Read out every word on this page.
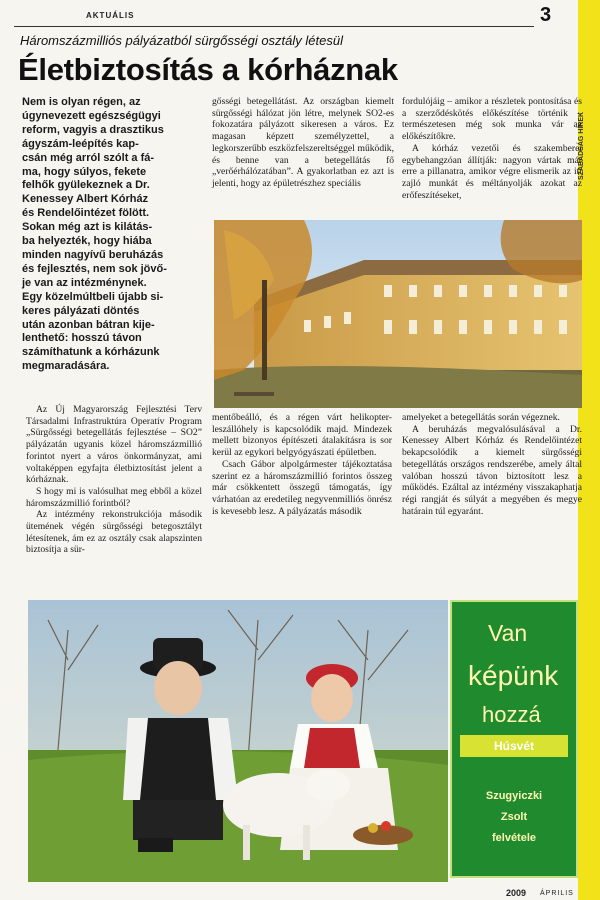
AKTUÁLIS	3
SZABADSÁG HÍREK
Háromszázmilliós pályázatból sürgősségi osztály létesül
Életbiztosítás a kórháznak
Nem is olyan régen, az
úgynevezett egészségügyi
reform, vagyis a drasztikus
ágyszám-leépítés kap-
csán még arról szólt a fá-
ma, hogy súlyos, fekete
felhők gyülekeznek a Dr.
Kenessey Albert Kórház
és Rendelőintézet fölött.
Sokan még azt is kilátás-
ba helyezték, hogy hiába
minden nagyívű beruházás
és fejlesztés, nem sok jövő-
je van az intézménynek.
Egy közelmúltbeli újabb si-
keres pályázati döntés
után azonban bátran kije-
lenthető: hosszú távon
számíthatunk a kórházunk
megmaradására.

gősségi betegellátást. Az országban kiemelt sürgősségi hálózat jön létre, melynek SO2-es fokozatára pályázott sikeresen a város. Ez magasan képzett személyzettel, a legkorszerűbb eszközfelszereltséggel működik, és benne van a betegellátás fő „verőérhálózatában”. A gyakorlatban ez azt is jelenti, hogy az épületrészhez speciális

fordulójáig – amikor a részletek pontosítása és a szerződéskötés előkészítése történik – természetesen még sok munka vár az előkészítőkre.

A kórház vezetői és szakemberei egybehangzóan állítják: nagyon vártak már erre a pillanatra, amikor végre elismerik az itt zajló munkát és méltányolják azokat az erőfeszítéseket,

Az Új Magyarország Fejlesztési Terv Társadalmi Infrastruktúra Operatív Program „Sürgősségi betegellátás fejlesztése – SO2” pályázatán ugyanis közel háromszázmillió forintot nyert a város önkormányzat, ami voltaképpen egyfajta életbiztosítást jelent a kórháznak.

S hogy mi is valósulhat meg ebből a közel háromszázmillió forintból?

Az intézmény rekonstrukciója második ütemének végén sürgősségi betegosztályt létesítenek, ám ez az osztály csak alapszinten biztosítja a sür-

mentőbeálló, és a régen várt helikopter-leszállóhely is kapcsolódik majd. Mindezek mellett bizonyos építészeti átalakításra is sor kerül az egykori belgyógyászati épületben.

Csach Gábor alpolgármester tájékoztatása szerint ez a háromszázmillió forintos összeg már csökkentett összegű támogatás, így várhatóan az eredetileg negyvenmilliós önrész is kevesebb lesz. A pályázatás második

amelyeket a betegellátás során végeznek.

A beruházás megvalósulásával a Dr. Kenessey Albert Kórház és Rendelőintézet bekapcsolódik a kiemelt sürgősségi betegellátás országos rendszerébe, amely által valóban hosszú távon biztosított lesz a működés. Ezáltal az intézmény visszakaphatja régi rangját és súlyát a megyében és megye határain túl egyaránt.

Van
képünk
hozzá
Húsvét
Szugyiczki
Zsolt
felvétele
2009 ÁPRILIS
